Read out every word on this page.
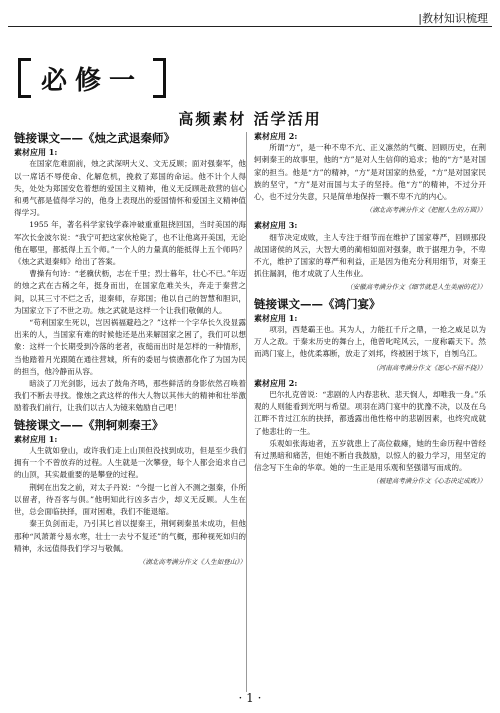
|教材知识梳理
必修一
高频素材 活学活用
链接课文——《烛之武退秦师》
素材应用 1:

在国家危难面前，烛之武深明大义、文无反顾；面对强秦军，他以一席话不辱使命、化解危机，挽救了郑国的命运。他不计个人得失，处处为郑国安危着想的爱国主义精神，他义无反顾赴敌营的信心和勇气都是值得学习的，他身上表现出的爱国情怀和爱国主义精神值得学习。

1955 年，著名科学家钱学森冲破重重阻挠回国，当时美国的海军次长金波尔说：“我宁可把这家伙枪毙了，也不让他离开美国，无论他在哪里，都抵得上五个师。”一个人的力量真的能抵得上五个师吗？《烛之武退秦师》给出了答案。

曹操有句诗：“老骥伏枥，志在千里；烈士暮年，壮心不已。”年迈的烛之武在古稀之年，挺身而出，在国家危难关头，奔走于秦营之间，以其三寸不烂之舌，退秦师，存郑国；他以自己的智慧和胆识，为国家立下了不世之功。烛之武就是这样一个让我们敬佩的人。

“苟利国家生死以，岂因祸福避趋之？”这样一个字华长久没显露出来的人，当国家有难的时候他还是出来解国家之困了，我们可以想象：这样一个长期受到冷落的老者，夜缒而出时是怎样的一种情形，当他踏着月光跟随在通往营城，所有的委屈与愤懑都化作了为国为民的担当，他冷静而从容。

暗淡了刀光剑影，远去了鼓角齐鸣，那些鲜活的身影依然召唤着我们不断去寻找。像烛之武这样的伟大人物以其伟大的精神和壮举激励着我们前行，让我们以古人为镜来勉励自己吧！

链接课文——《荆轲刺秦王》
素材应用 1:

人生就如登山，或许我们走上山顶但没找到成功，但是至少我们拥有一个不曾放弃的过程。人生就是一次攀登，每个人都会追求自己的山顶，其实最重要的是攀登的过程。

荆轲在出发之前，对太子丹说：“今提一匕首入不测之强秦，仆所以留者，待吾客与俱。”他明知此行凶多吉少，却义无反顾。人生在世，总会面临抉择，面对困难，我们不能退缩。

秦王负剑而走，乃引其匕首以提秦王，荆轲刺秦虽未成功，但他那种“风萧萧兮易水寒，壮士一去兮不复还”的气概，那种视死如归的精神，永远值得我们学习与敬佩。

（湖北高考满分作文《人生如登山》）
素材应用 2:

所谓“方”，是一种不卑不亢、正义凛然的气概、回顾历史，在荆轲刺秦王的故事里，他的“方”是对人生信仰的追求；他的“方”是对国家的担当。他是“方”的精神，“方”是对国家的热爱，“方”是对国家民族的坚守，“方”是对而国与太子的坚持。他“方”的精神，不过分开心，也不过分失意，只是简单地保持一颗不卑不亢的内心。

（湖北高考满分作文《把握人生的方圆》）
素材应用 3:

细节决定成败，主人专注于细节而在维护了国家尊严，回顾那段战国诸侯的风云，大智大勇的蔺相如面对强秦，敢于据理力争，不卑不亢，维护了国家的尊严和利益，正是因为他充分利用细节，对秦王抓住漏洞，他才成就了人生伟业。

（安徽高考满分作文《细节就是人生美丽的花》）
链接课文——《鸿门宴》
素材应用 1:

项羽，西楚霸王也。其为人，力能扛千斤之鼎，一抢之威足以为万人之敌。于秦末历史的舞台上，他曾叱咤风云，一度称霸天下。然而鸿门宴上，他优柔寡断，放走了刘邦，终被困于垓下，自刎乌江。

（河南高考满分作文《愿心不屈不挠》）
素材应用 2:

巴尔扎克曾说：“悲剧的人内春悲秋、悲天悯人，却唯我一身。”乐观的人则能看到光明与希望。项羽在鸿门宴中的犹豫不决，以及在乌江畔不肯过江东的抉择，都透露出他性格中的悲剧因素，也终究成就了他悲壮的一生。

乐观如张海迪者，五岁就患上了高位截瘫，她的生命历程中曾经有过黑暗和痛苦，但她不断自我鼓励，以惊人的毅力学习，用坚定的信念写下生命的华章。她的一生正是用乐观和坚强谱写而成的。

（福建高考满分作文《心态决定成败》）
· 1 ·
